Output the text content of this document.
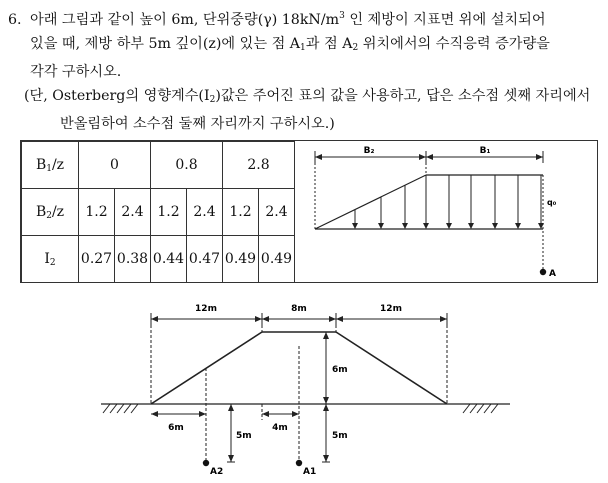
6. 아래 그림과 같이 높이 6m, 단위중량(γ) $18kN/m^3$ 인 제방이 지표면 위에 설치되어
있을 때, 제방 하부 5m 깊이(z)에 있는 점 $A_1$과 점 $A_2$ 위치에서의 수직응력 증가량을
각각 구하시오.
(단, Osterberg의 영향계수$(I_2)$값은 주어진 표의 값을 사용하고, 답은 소수점 셋째 자리에서
반올림하여 소수점 둘째 자리까지 구하시오.)
$B_1/z$	0		0.8		2.8	
$B_2/z$	1.2	2.4	1.2	2.4	1.2	2.4
$I_2$	0.27	0.38	0.44	0.47	0.49	0.49
B₂	B₁
q₀
A
12m	8m	12m
6m
6m	4m
5m	5m
A2	A1
